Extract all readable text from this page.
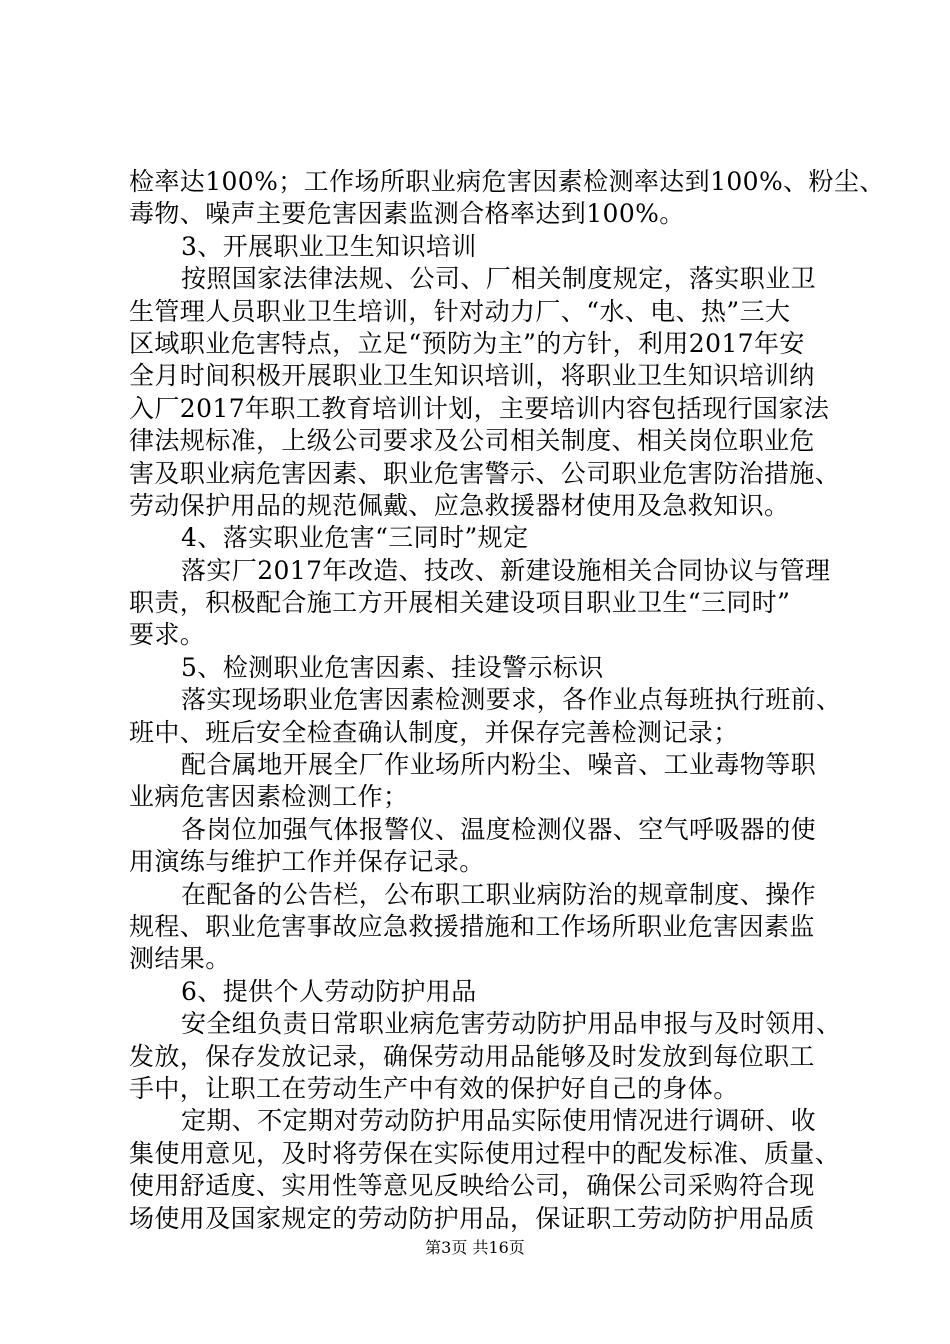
检率达100%；工作场所职业病危害因素检测率达到100%、粉尘、
毒物、噪声主要危害因素监测合格率达到100%。
3、开展职业卫生知识培训
按照国家法律法规、公司、厂相关制度规定，落实职业卫
生管理人员职业卫生培训，针对动力厂、“水、电、热”三大
区域职业危害特点，立足“预防为主”的方针，利用2017年安
全月时间积极开展职业卫生知识培训，将职业卫生知识培训纳
入厂2017年职工教育培训计划，主要培训内容包括现行国家法
律法规标准，上级公司要求及公司相关制度、相关岗位职业危
害及职业病危害因素、职业危害警示、公司职业危害防治措施、
劳动保护用品的规范佩戴、应急救援器材使用及急救知识。
4、落实职业危害“三同时”规定
落实厂2017年改造、技改、新建设施相关合同协议与管理
职责，积极配合施工方开展相关建设项目职业卫生“三同时”
要求。
5、检测职业危害因素、挂设警示标识
落实现场职业危害因素检测要求，各作业点每班执行班前、
班中、班后安全检查确认制度，并保存完善检测记录；
配合属地开展全厂作业场所内粉尘、噪音、工业毒物等职
业病危害因素检测工作；
各岗位加强气体报警仪、温度检测仪器、空气呼吸器的使
用演练与维护工作并保存记录。
在配备的公告栏，公布职工职业病防治的规章制度、操作
规程、职业危害事故应急救援措施和工作场所职业危害因素监
测结果。
6、提供个人劳动防护用品
安全组负责日常职业病危害劳动防护用品申报与及时领用、
发放，保存发放记录，确保劳动用品能够及时发放到每位职工
手中，让职工在劳动生产中有效的保护好自己的身体。
定期、不定期对劳动防护用品实际使用情况进行调研、收
集使用意见，及时将劳保在实际使用过程中的配发标准、质量、
使用舒适度、实用性等意见反映给公司，确保公司采购符合现
场使用及国家规定的劳动防护用品，保证职工劳动防护用品质
第3页 共16页
